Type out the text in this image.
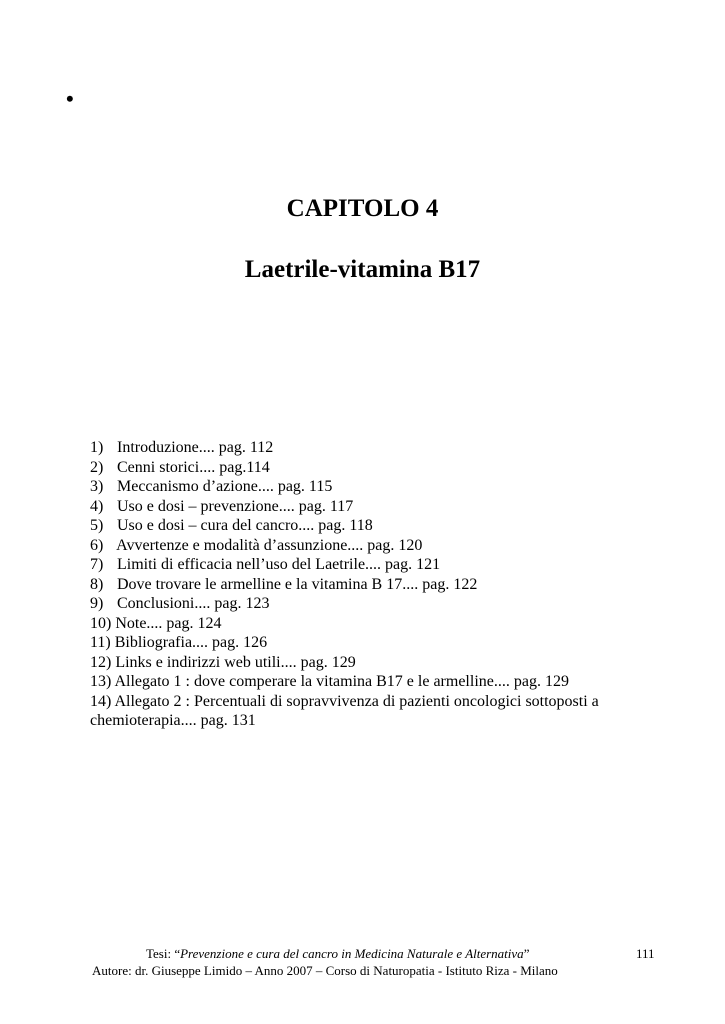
•
CAPITOLO 4
Laetrile-vitamina B17
1) Introduzione.... pag. 112
2) Cenni storici.... pag.114
3) Meccanismo d’azione.... pag. 115
4) Uso e dosi – prevenzione.... pag. 117
5) Uso e dosi – cura del cancro.... pag. 118
6) Avvertenze e modalità d’assunzione.... pag. 120
7) Limiti di efficacia nell’uso del Laetrile.... pag. 121
8) Dove trovare le armelline e la vitamina B 17.... pag. 122
9) Conclusioni.... pag. 123
10) Note.... pag. 124
11) Bibliografia.... pag. 126
12) Links e indirizzi web utili.... pag. 129
13) Allegato 1 : dove comperare la vitamina B17 e le armelline.... pag. 129
14) Allegato 2 : Percentuali di sopravvivenza di pazienti oncologici sottoposti a chemioterapia.... pag. 131
Tesi: “Prevenzione e cura del cancro in Medicina Naturale e Alternativa”	111
Autore: dr. Giuseppe Limido – Anno 2007 – Corso di Naturopatia - Istituto Riza - Milano
